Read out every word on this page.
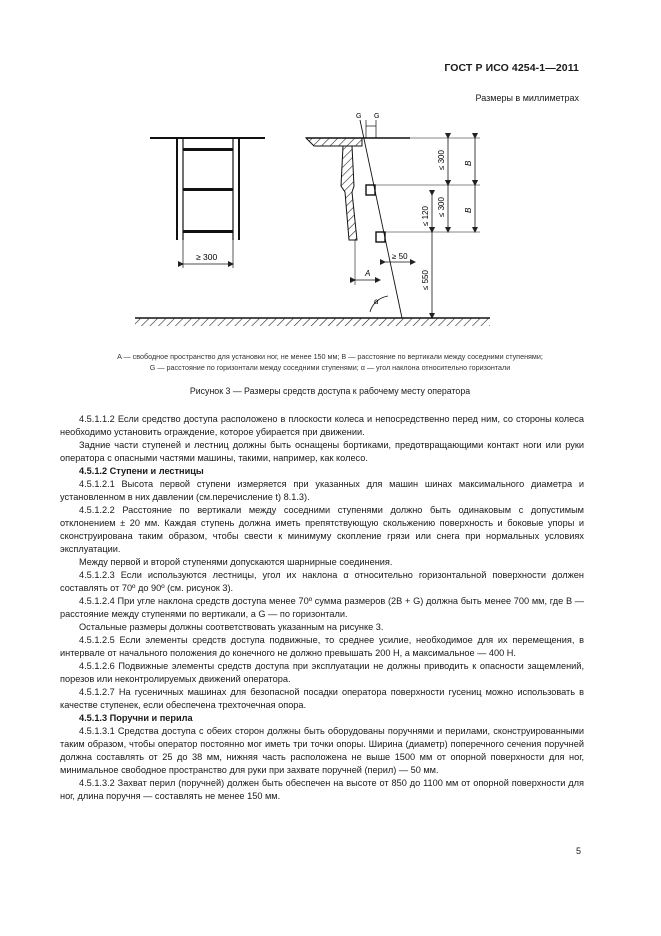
ГОСТ Р ИСО 4254-1—2011
Размеры в миллиметрах
≥ 300
G G
≤ 300
≤ 300
B
B
≤ 120
≤ 550
≥ 50
A
α
A — свободное пространство для установки ног, не менее 150 мм; B — расстояние по вертикали между соседними ступенями;
G — расстояние по горизонтали между соседними ступенями; α — угол наклона относительно горизонтали
Рисунок 3 — Размеры средств доступа к рабочему месту оператора

4.5.1.1.2 Если средство доступа расположено в плоскости колеса и непосредственно перед ним, со стороны колеса необходимо установить ограждение, которое убирается при движении.

Задние части ступеней и лестниц должны быть оснащены бортиками, предотвращающими контакт ноги или руки оператора с опасными частями машины, такими, например, как колесо.

4.5.1.2 Ступени и лестницы

4.5.1.2.1 Высота первой ступени измеряется при указанных для машин шинах максимального диаметра и установленном в них давлении (см.перечисление t) 8.1.3).

4.5.1.2.2 Расстояние по вертикали между соседними ступенями должно быть одинаковым с допустимым отклонением ± 20 мм. Каждая ступень должна иметь препятствующую скольжению поверхность и боковые упоры и сконструирована таким образом, чтобы свести к минимуму скопление грязи или снега при нормальных условиях эксплуатации.

Между первой и второй ступенями допускаются шарнирные соединения.

4.5.1.2.3 Если используются лестницы, угол их наклона α относительно горизонтальной поверхности должен составлять от 70º до 90º (см. рисунок 3).

4.5.1.2.4 При угле наклона средств доступа менее 70º сумма размеров (2B + G) должна быть менее 700 мм, где B — расстояние между ступенями по вертикали, а G — по горизонтали.

Остальные размеры должны соответствовать указанным на рисунке 3.

4.5.1.2.5 Если элементы средств доступа подвижные, то среднее усилие, необходимое для их перемещения, в интервале от начального положения до конечного не должно превышать 200 Н, а максимальное — 400 Н.

4.5.1.2.6 Подвижные элементы средств доступа при эксплуатации не должны приводить к опасности защемлений, порезов или неконтролируемых движений оператора.

4.5.1.2.7 На гусеничных машинах для безопасной посадки оператора поверхности гусениц можно использовать в качестве ступенек, если обеспечена трехточечная опора.

4.5.1.3 Поручни и перила

4.5.1.3.1 Средства доступа с обеих сторон должны быть оборудованы поручнями и перилами, сконструированными таким образом, чтобы оператор постоянно мог иметь три точки опоры. Ширина (диаметр) поперечного сечения поручней должна составлять от 25 до 38 мм, нижняя часть расположена не выше 1500 мм от опорной поверхности для ног, минимальное свободное пространство для руки при захвате поручней (перил) — 50 мм.

4.5.1.3.2 Захват перил (поручней) должен быть обеспечен на высоте от 850 до 1100 мм от опорной поверхности для ног, длина поручня — составлять не менее 150 мм.

5
